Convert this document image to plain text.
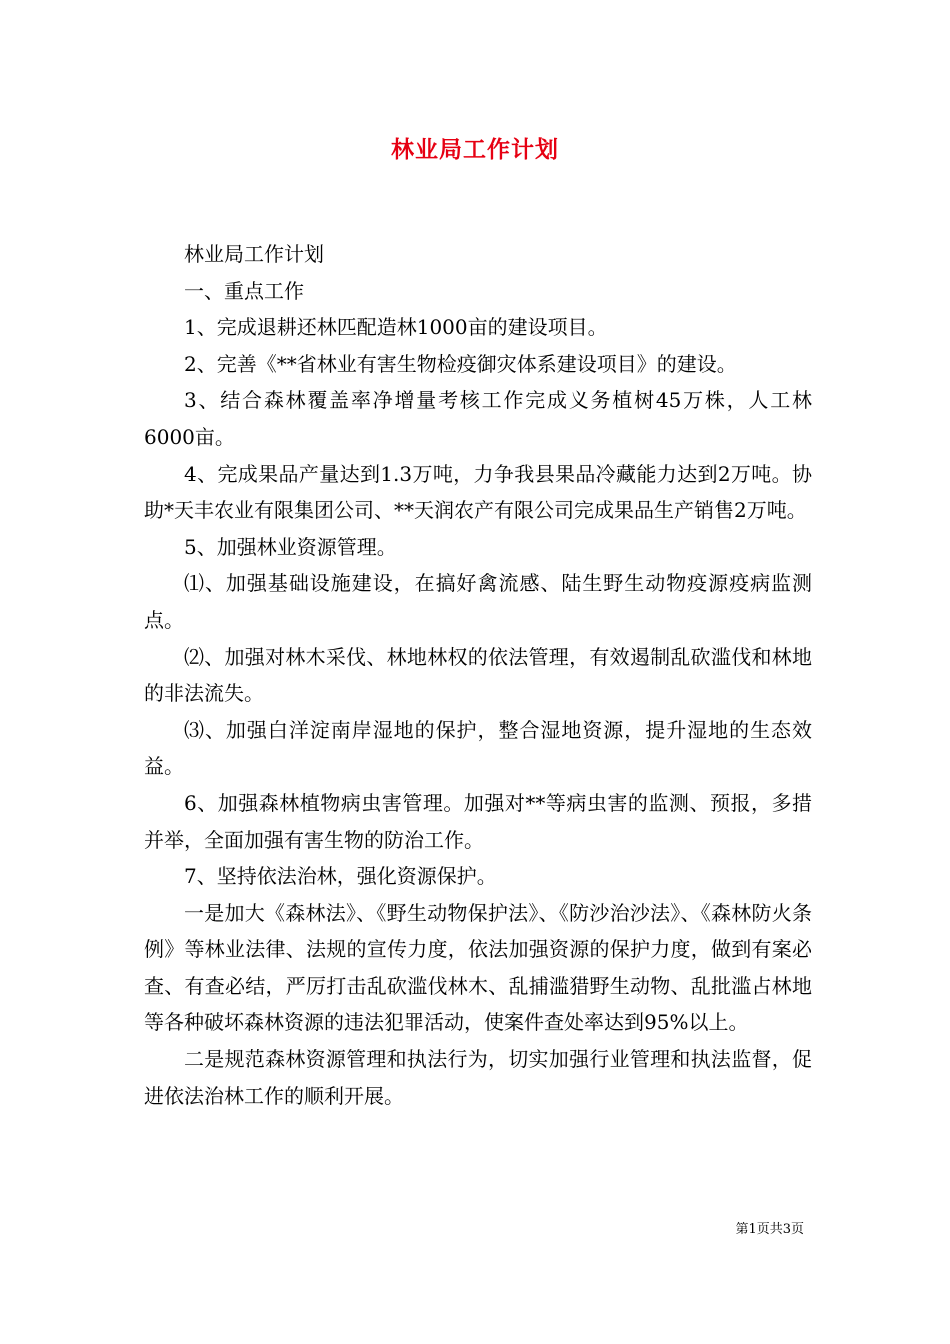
林业局工作计划

林业局工作计划

一、重点工作

1、完成退耕还林匹配造林1000亩的建设项目。

2、完善《**省林业有害生物检疫御灾体系建设项目》的建设。

3、结合森林覆盖率净增量考核工作完成义务植树45万株，人工林6000亩。

4、完成果品产量达到1.3万吨，力争我县果品冷藏能力达到2万吨。协助*天丰农业有限集团公司、**天润农产有限公司完成果品生产销售2万吨。

5、加强林业资源管理。

⑴、加强基础设施建设，在搞好禽流感、陆生野生动物疫源疫病监测点。

⑵、加强对林木采伐、林地林权的依法管理，有效遏制乱砍滥伐和林地的非法流失。

⑶、加强白洋淀南岸湿地的保护，整合湿地资源，提升湿地的生态效益。

6、加强森林植物病虫害管理。加强对**等病虫害的监测、预报，多措并举，全面加强有害生物的防治工作。

7、坚持依法治林，强化资源保护。

一是加大《森林法》、《野生动物保护法》、《防沙治沙法》、《森林防火条例》等林业法律、法规的宣传力度，依法加强资源的保护力度，做到有案必查、有查必结，严厉打击乱砍滥伐林木、乱捕滥猎野生动物、乱批滥占林地等各种破坏森林资源的违法犯罪活动，使案件查处率达到95%以上。

二是规范森林资源管理和执法行为，切实加强行业管理和执法监督，促进依法治林工作的顺利开展。

第1页共3页
